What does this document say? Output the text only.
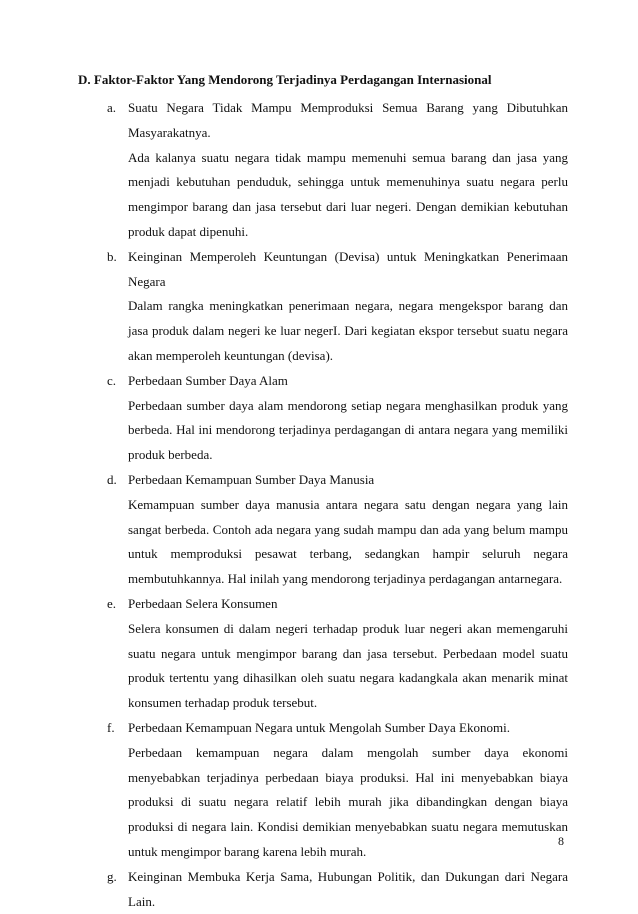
D. Faktor-Faktor Yang Mendorong Terjadinya Perdagangan Internasional
a. Suatu Negara Tidak Mampu Memproduksi Semua Barang yang Dibutuhkan
Masyarakatnya.
Ada kalanya suatu negara tidak mampu memenuhi semua barang dan jasa yang
menjadi kebutuhan penduduk, sehingga untuk memenuhinya suatu negara perlu
mengimpor barang dan jasa tersebut dari luar negeri. Dengan demikian kebutuhan
produk dapat dipenuhi.
b. Keinginan Memperoleh Keuntungan (Devisa) untuk Meningkatkan Penerimaan
Negara
Dalam rangka meningkatkan penerimaan negara, negara mengekspor barang dan
jasa produk dalam negeri ke luar negerI. Dari kegiatan ekspor tersebut suatu negara
akan memperoleh keuntungan (devisa).
c. Perbedaan Sumber Daya Alam
Perbedaan sumber daya alam mendorong setiap negara menghasilkan produk yang
berbeda. Hal ini mendorong terjadinya perdagangan di antara negara yang memiliki
produk berbeda.
d. Perbedaan Kemampuan Sumber Daya Manusia
Kemampuan sumber daya manusia antara negara satu dengan negara yang lain
sangat berbeda. Contoh ada negara yang sudah mampu dan ada yang belum mampu
untuk memproduksi pesawat terbang, sedangkan hampir seluruh negara
membutuhkannya. Hal inilah yang mendorong terjadinya perdagangan antarnegara.
e. Perbedaan Selera Konsumen
Selera konsumen di dalam negeri terhadap produk luar negeri akan memengaruhi
suatu negara untuk mengimpor barang dan jasa tersebut. Perbedaan model suatu
produk tertentu yang dihasilkan oleh suatu negara kadangkala akan menarik minat
konsumen terhadap produk tersebut.
f. Perbedaan Kemampuan Negara untuk Mengolah Sumber Daya Ekonomi.
Perbedaan kemampuan negara dalam mengolah sumber daya ekonomi
menyebabkan terjadinya perbedaan biaya produksi. Hal ini menyebabkan biaya
produksi di suatu negara relatif lebih murah jika dibandingkan dengan biaya
produksi di negara lain. Kondisi demikian menyebabkan suatu negara memutuskan
untuk mengimpor barang karena lebih murah.
g. Keinginan Membuka Kerja Sama, Hubungan Politik, dan Dukungan dari Negara
Lain.
8
